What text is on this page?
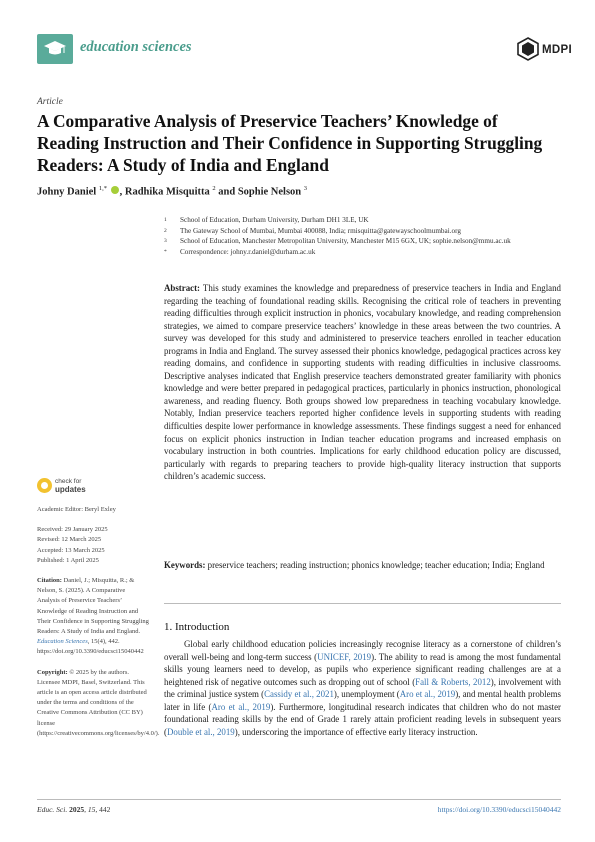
education sciences	MDPI
Article
A Comparative Analysis of Preservice Teachers’ Knowledge of Reading Instruction and Their Confidence in Supporting Struggling Readers: A Study of India and England
Johny Daniel $^{1,*}$ , Radhika Misquitta $^2$ and Sophie Nelson $^3$
1	School of Education, Durham University, Durham DH1 3LE, UK
2	The Gateway School of Mumbai, Mumbai 400088, India; rmisquitta@gatewayschoolmumbai.org
3	School of Education, Manchester Metropolitan University, Manchester M15 6GX, UK; sophie.nelson@mmu.ac.uk
*	Correspondence: johny.r.daniel@durham.ac.uk
Abstract: This study examines the knowledge and preparedness of preservice teachers in India and England regarding the teaching of foundational reading skills. Recognising the critical role of teachers in preventing reading difficulties through explicit instruction in phonics, vocabulary knowledge, and reading comprehension strategies, we aimed to compare preservice teachers’ knowledge in these areas between the two countries. A survey was developed for this study and administered to preservice teachers enrolled in teacher education programs in India and England. The survey assessed their phonics knowledge, pedagogical practices across key reading domains, and confidence in supporting students with reading difficulties in inclusive classrooms. Descriptive analyses indicated that English preservice teachers demonstrated greater familiarity with phonics knowledge and were better prepared in pedagogical practices, particularly in phonics instruction, phonological awareness, and reading fluency. Both groups showed low preparedness in teaching vocabulary knowledge. Notably, Indian preservice teachers reported higher confidence levels in supporting students with reading difficulties despite lower performance in knowledge assessments. These findings suggest a need for enhanced focus on explicit phonics instruction in Indian teacher education programs and increased emphasis on vocabulary instruction in both countries. Implications for early childhood education policy are discussed, particularly with regards to preparing teachers to provide high-quality literacy instruction that supports children’s academic success.
Keywords: preservice teachers; reading instruction; phonics knowledge; teacher education; India; England
1. Introduction
Global early childhood education policies increasingly recognise literacy as a cornerstone of children’s overall well-being and long-term success (UNICEF, 2019). The ability to read is among the most fundamental skills young learners need to develop, as pupils who experience significant reading challenges are at a heightened risk of negative outcomes such as dropping out of school (Fall & Roberts, 2012), involvement with the criminal justice system (Cassidy et al., 2021), unemployment (Aro et al., 2019), and mental health problems later in life (Aro et al., 2019). Furthermore, longitudinal research indicates that children who do not master foundational reading skills by the end of Grade 1 rarely attain proficient reading levels in subsequent years (Double et al., 2019), underscoring the importance of effective early literacy instruction.
check for
updates
Academic Editor: Beryl Exley
Received: 29 January 2025
Revised: 12 March 2025
Accepted: 13 March 2025
Published: 1 April 2025
Citation: Daniel, J.; Misquitta, R.; & Nelson, S. (2025). A Comparative Analysis of Preservice Teachers’ Knowledge of Reading Instruction and Their Confidence in Supporting Struggling Readers: A Study of India and England. Education Sciences, 15(4), 442. https://doi.org/10.3390/educsci15040442
Copyright: © 2025 by the authors. Licensee MDPI, Basel, Switzerland. This article is an open access article distributed under the terms and conditions of the Creative Commons Attribution (CC BY) license (https://creativecommons.org/licenses/by/4.0/).
Educ. Sci. 2025, 15, 442	https://doi.org/10.3390/educsci15040442
